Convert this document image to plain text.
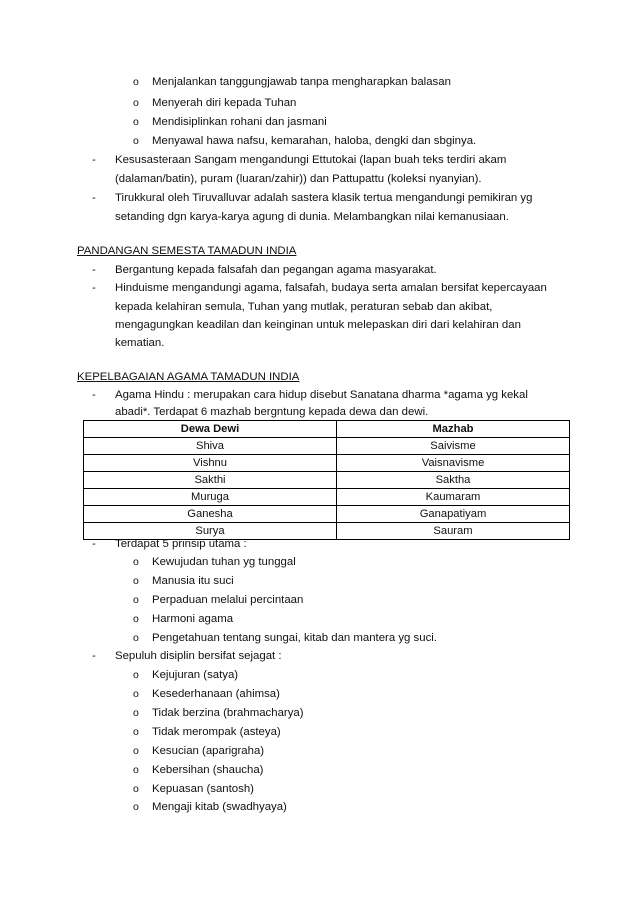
o	Menjalankan tanggungjawab tanpa mengharapkan balasan
o	Menyerah diri kepada Tuhan
o	Mendisiplinkan rohani dan jasmani
o	Menyawal hawa nafsu, kemarahan, haloba, dengki dan sbginya.
- Kesusasteraan Sangam mengandungi Ettutokai (lapan buah teks terdiri akam
(dalaman/batin), puram (luaran/zahir)) dan Pattupattu (koleksi nyanyian).
- Tirukkural oleh Tiruvalluvar adalah sastera klasik tertua mengandungi pemikiran yg
setanding dgn karya-karya agung di dunia. Melambangkan nilai kemanusiaan.
PANDANGAN SEMESTA TAMADUN INDIA
- Bergantung kepada falsafah dan pegangan agama masyarakat.
- Hinduisme mengandungi agama, falsafah, budaya serta amalan bersifat kepercayaan
kepada kelahiran semula, Tuhan yang mutlak, peraturan sebab dan akibat,
mengagungkan keadilan dan keinginan untuk melepaskan diri dari kelahiran dan
kematian.
KEPELBAGAIAN AGAMA TAMADUN INDIA
- Agama Hindu : merupakan cara hidup disebut Sanatana dharma *agama yg kekal
abadi*. Terdapat 6 mazhab bergntung kepada dewa dan dewi.
Dewa Dewi	Mazhab
Shiva	Saivisme
Vishnu	Vaisnavisme
Sakthi	Saktha
Muruga	Kaumaram
Ganesha	Ganapatiyam
Surya	Sauram
- Terdapat 5 prinsip utama :
o	Kewujudan tuhan yg tunggal
o	Manusia itu suci
o	Perpaduan melalui percintaan
o	Harmoni agama
o	Pengetahuan tentang sungai, kitab dan mantera yg suci.
- Sepuluh disiplin bersifat sejagat :
o	Kejujuran (satya)
o	Kesederhanaan (ahimsa)
o	Tidak berzina (brahmacharya)
o	Tidak merompak (asteya)
o	Kesucian (aparigraha)
o	Kebersihan (shaucha)
o	Kepuasan (santosh)
o	Mengaji kitab (swadhyaya)
